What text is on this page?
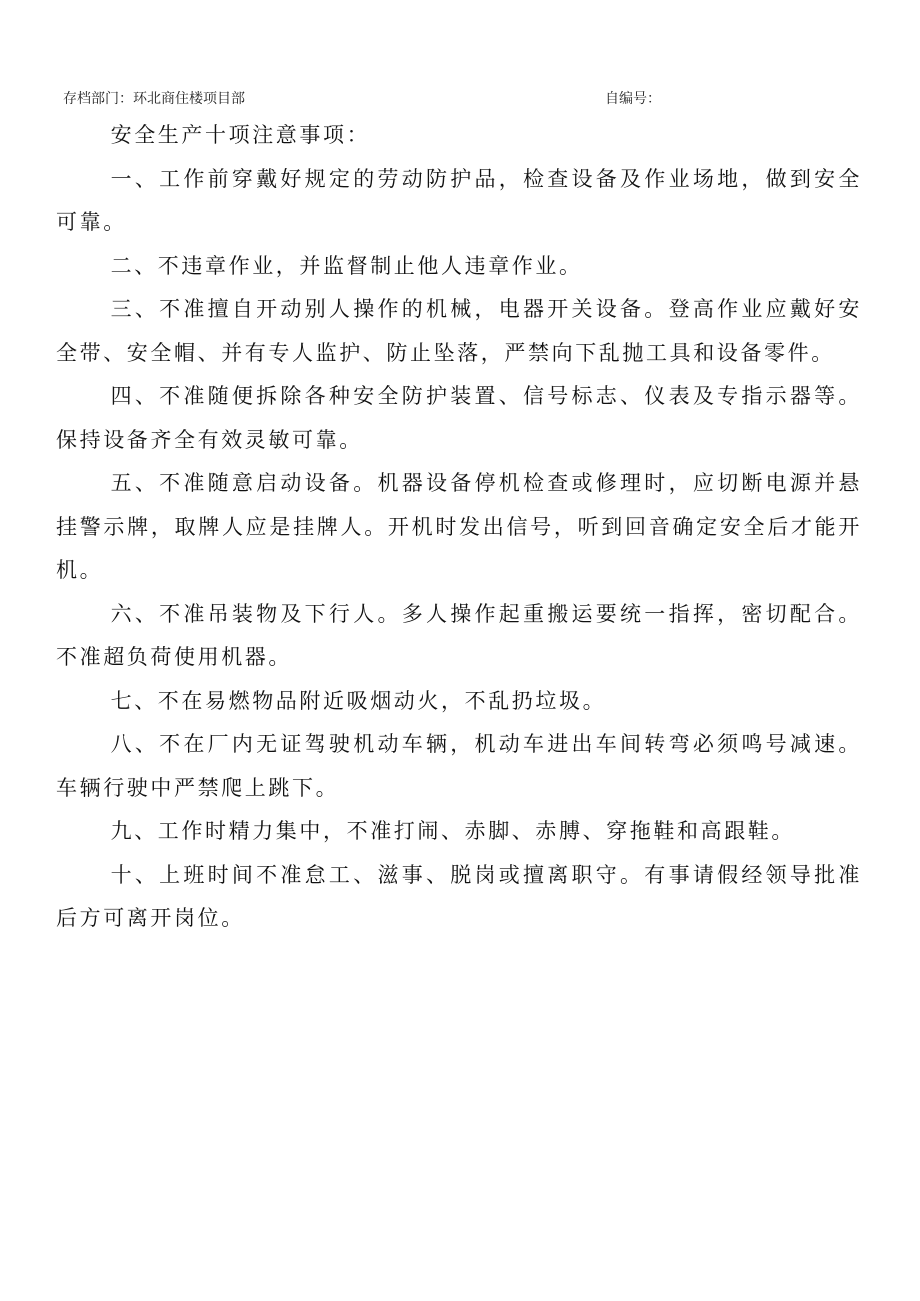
存档部门：环北商住楼项目部	自编号：

安全生产十项注意事项：

一、工作前穿戴好规定的劳动防护品，检查设备及作业场地，做到安全可靠。

二、不违章作业，并监督制止他人违章作业。

三、不准擅自开动别人操作的机械，电器开关设备。登高作业应戴好安全带、安全帽、并有专人监护、防止坠落，严禁向下乱抛工具和设备零件。

四、不准随便拆除各种安全防护装置、信号标志、仪表及专指示器等。保持设备齐全有效灵敏可靠。

五、不准随意启动设备。机器设备停机检查或修理时，应切断电源并悬挂警示牌，取牌人应是挂牌人。开机时发出信号，听到回音确定安全后才能开机。

六、不准吊装物及下行人。多人操作起重搬运要统一指挥，密切配合。不准超负荷使用机器。

七、不在易燃物品附近吸烟动火，不乱扔垃圾。

八、不在厂内无证驾驶机动车辆，机动车进出车间转弯必须鸣号减速。车辆行驶中严禁爬上跳下。

九、工作时精力集中，不准打闹、赤脚、赤膊、穿拖鞋和高跟鞋。

十、上班时间不准怠工、滋事、脱岗或擅离职守。有事请假经领导批准后方可离开岗位。
